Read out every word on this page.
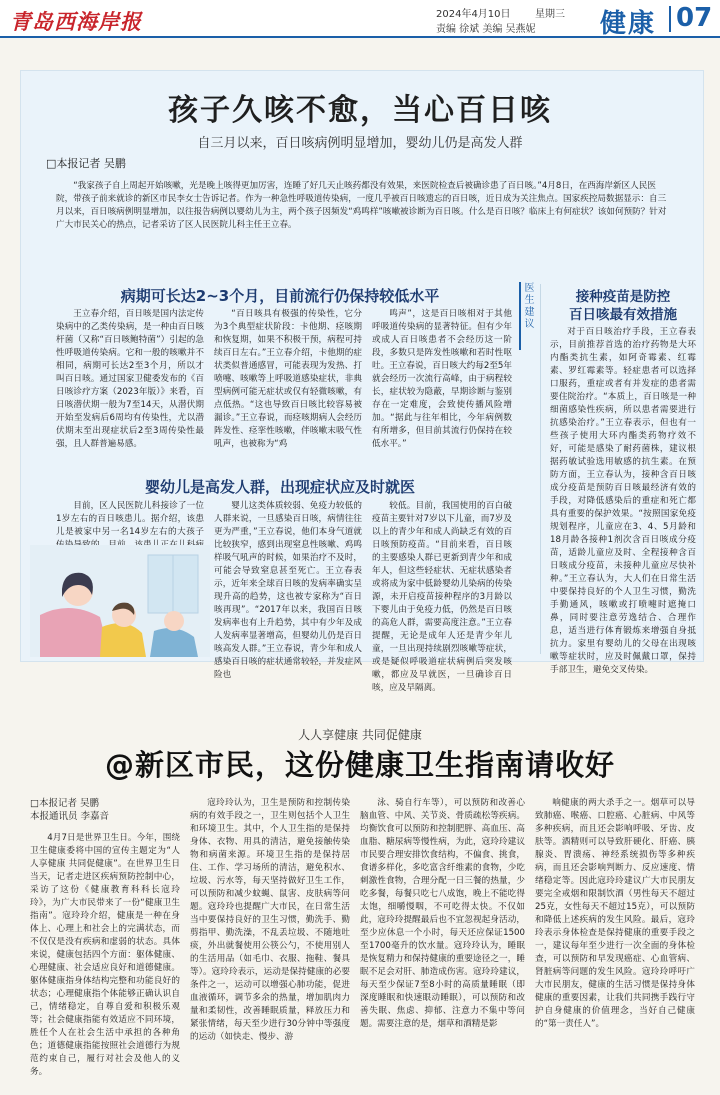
青岛西海岸报	2024年4月10日 星期三
责编 徐斌 美编 吴燕妮 健康 07
孩子久咳不愈，当心百日咳
自三月以来，百日咳病例明显增加，婴幼儿仍是高发人群
□本报记者 吴鹏
“我家孩子自上周起开始咳嗽，光是晚上咳得更加厉害，连睡了好几天止咳药都没有效果，来医院检查后被确诊患了百日咳。”4月8日，在西海岸新区人民医院，带孩子前来就诊的新区市民李女士告诉记者。作为一种急性呼吸道传染病，一度几乎被百日咳遗忘的百日咳，近日成为关注焦点。国家疾控局数据显示：自三月以来，百日咳病例明显增加，以往报告病例以婴幼儿为主，两个孩子因频发“鸡鸣样”咳嗽被诊断为百日咳。什么是百日咳？临床上有何症状？该如何预防？针对广大市民关心的热点，记者采访了区人民医院儿科主任王立春。
病期可长达2~3个月，目前流行仍保持较低水平

王立春介绍，百日咳是国内法定传染病中的乙类传染病，是一种由百日咳杆菌（又称“百日咳鲍特菌”）引起的急性呼吸道传染病。它和一般的咳嗽并不相同，病期可长达2至3个月，所以才叫百日咳。通过国家卫健委发布的《百日咳诊疗方案（2023年版）》来看，百日咳潜伏期一般为7至14天，从潜伏期开始至发病后6周均有传染性，尤以潜伏期末至出现症状后2至3周传染性最强，且人群普遍易感。

“百日咳具有极强的传染性，它分为3个典型症状阶段：卡他期、痉咳期和恢复期，如果不积极干预，病程可持续百日左右。”王立春介绍，卡他期的症状类似普通感冒，可能表现为发热、打喷嚏、咳嗽等上呼吸道感染症状，非典型病例可能无症状或仅有轻微咳嗽，有点低热。“这也导致百日咳比较容易被漏诊。”王立春说，而痉咳期病人会经历阵发性、痉挛性咳嗽，伴咳嗽末吸气性吼声，也被称为“鸡

鸣声”，这是百日咳相对于其他呼吸道传染病的显著特征。但有少年或成人百日咳患者不会经历这一阶段，多数只是阵发性咳嗽和若时性呕吐。王立春说，百日咳大约每2至5年就会经历一次流行高峰，由于病程较长，症状较为隐蔽，早期诊断与鉴别存在一定难度，会致使传播风险增加。“据此与往年相比，今年病例数有所增多，但目前其流行仍保持在较低水平。”

婴幼儿是高发人群，出现症状应及时就医

目前，区人民医院儿科接诊了一位1岁左右的百日咳患儿。据介绍，该患儿是被家中另一名14岁左右的大孩子

婴儿这类体质较弱、免疫力较低的人群来说，一旦感染百日咳，病情往往更为严重，”王立春说，他们本身气道就比较狭窄，感到出现窒息性咳嗽、鸡鸣样吸气吼声的时候，如果治疗不及时，可能会导致窒息甚至死亡。王立春表示，近年来全球百日咳的发病率确实呈现升高的趋势，这也被专家称为“百日咳再现”。“2017年以来，我国百日咳发病率也有上升趋势，其中有少年及成人发病率显著增高，但婴幼儿仍是百日咳高发人群。”王立春说，青少年和成人感染百日咳的症状通常较轻，并发症风险也

较低。目前，我国使用的百白破疫苗主要针对7岁以下儿童，而7岁及以上的青少年和成人尚缺乏有效的百日咳预防疫苗。“目前来看，百日咳的主要感染人群已更新到青少年和成年人，但这些轻症状、无症状感染者或将成为家中低龄婴幼儿染病的传染源，未开启疫苗接种程序的3月龄以下婴儿由于免疫力低，仍然是百日咳的高危人群，需要高度注意。”王立春提醒，无论是成年人还是青少年儿童，一旦出现持续剧烈咳嗽等症状，或是疑似呼吸道症状病例后突发咳嗽，都应及早就医，一旦确诊百日咳，应及早隔离。

医生建议	接种疫苗是防控
百日咳最有效措施

对于百日咳治疗手段，王立春表示，目前推荐首选的治疗药物是大环内酯类抗生素，如阿奇霉素、红霉素、罗红霉素等。轻症患者可以选择口服药，重症或者有并发症的患者需要住院治疗。“本质上，百日咳是一种细菌感染性疾病，所以患者需要进行抗感染治疗。”王立春表示，但也有一些孩子使用大环内酯类药物疗效不好，可能是感染了耐药菌株，建议根据药敏试验选用敏感的抗生素。在预防方面，王立春认为，接种含百日咳成分疫苗是预防百日咳最经济有效的手段，对降低感染后的重症和死亡都具有重要的保护效果。“按照国家免疫规划程序，儿童应在3、4、5月龄和18月龄各接种1剂次含百日咳成分疫苗，适龄儿童应及时、全程接种含百日咳成分疫苗，未接种儿童应尽快补种。”王立春认为，大人们在日常生活中要保持良好的个人卫生习惯，勤洗手勤通风，咳嗽或打喷嚏时遮掩口鼻，同时要注意劳逸结合、合理作息，适当进行体育锻炼来增强自身抵抗力。家里有婴幼儿的父母在出现咳嗽等症状时，应及时佩戴口罩，保持手部卫生，避免交叉传染。

人人享健康 共同促健康
@新区市民，这份健康卫生指南请收好
□本报记者 吴鹏
本报通讯员 李嘉音

4月7日是世界卫生日。今年，围绕卫生健康委将中国的宣传主题定为“人人享健康 共同促健康”。在世界卫生日当天，记者走进区疾病预防控制中心，采访了这份《健康教育科科长寇玲玲》，为广大市民带来了一份“健康卫生指南”。寇玲玲介绍，健康是一种在身体上、心理上和社会上的完满状态，而不仅仅是没有疾病和虚弱的状态。具体来说，健康包括四个方面：躯体健康、心理健康、社会适应良好和道德健康。躯体健康指身体结构完整和功能良好的状态；心理健康指个体能够正确认识自己，情绪稳定，自尊自爱和积极乐观等；社会健康指能有效适应不同环境，胜任个人在社会生活中承担的各种角色；道德健康指能按照社会道德行为规范约束自己，履行对社会及他人的义务。

寇玲玲认为，卫生是预防和控制传染病的有效手段之一，卫生则包括个人卫生和环境卫生。其中，个人卫生指的是保持身体、衣物、用具的清洁，避免接触传染物和病菌来源。环境卫生指的是保持居住、工作、学习场所的清洁，避免积水、垃圾、污水等，每天坚持做好卫生工作，可以预防和减少蚊蝇、鼠害、皮肤病等问题。寇玲玲也提醒广大市民，在日常生活当中要保持良好的卫生习惯，勤洗手、勤剪指甲、勤洗澡，不乱丢垃圾、不随地吐痰，外出就餐使用公筷公勺，不使用别人的生活用品（如毛巾、衣服、拖鞋、餐具等）。寇玲玲表示，运动是保持健康的必要条件之一，运动可以增强心肺功能，促进血液循环，调节多余的热量，增加肌肉力量和柔韧性，改善睡眠质量，释放压力和紧张情绪，每天至少进行30分钟中等强度的运动（如快走、慢步、游

泳、骑自行车等），可以预防和改善心脑血管、中风、关节炎、骨质疏松等疾病。均衡饮食可以预防和控制肥胖、高血压、高血脂、糖尿病等慢性病，为此，寇玲玲建议市民要合理安排饮食结构，不偏食、挑食，食谱多样化，多吃富含纤维素的食物，少吃刺激性食物，合理分配一日三餐的热量，少吃多餐，每餐只吃七八成饱，晚上不能吃得太饱，细嚼慢咽，不可吃得太快。不仅如此，寇玲玲提醒最后也不宜忽视起身活动，至少应休息一个小时，每天还应保证1500至1700毫升的饮水量。寇玲玲认为，睡眠是恢复精力和保持健康的重要途径之一，睡眠不足会对肝、肺造成伤害。寇玲玲建议，每天至少保证7至8小时的高质量睡眠（即深度睡眠和快速眼动睡眠），可以预防和改善失眠、焦虑、抑郁、注意力不集中等问题。需要注意的是，烟草和酒精是影

响健康的两大杀手之一。烟草可以导致肺癌、喉癌、口腔癌、心脏病、中风等多种疾病，而且还会影响呼吸、牙齿、皮肤等。酒精则可以导致肝硬化、肝癌、胰腺炎、胃溃疡、神经系统损伤等多种疾病，而且还会影响判断力、反应速度、情绪稳定等。因此寇玲玲建议广大市民朋友要完全戒烟和限制饮酒（男性每天不超过25克，女性每天不超过15克），可以预防和降低上述疾病的发生风险。最后，寇玲玲表示身体检查是保持健康的重要手段之一，建议每年至少进行一次全面的身体检查，可以预防和早发现癌症、心血管病、肾脏病等问题的发生风险。寇玲玲呼吁广大市民朋友，健康的生活习惯是保持身体健康的重要因素，让我们共同携手践行守护自身健康的价值理念，当好自己健康的“第一责任人”。
